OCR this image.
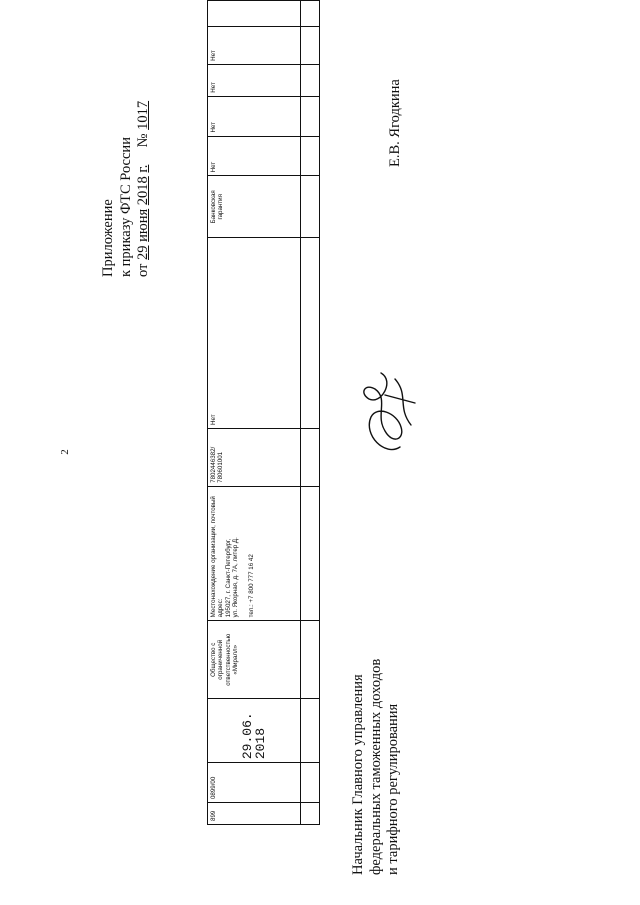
2
Приложение к приказу ФТС России от 29 июня 2018 г.  № 1017
899	0899/00	29.06. 2018	Общество с ограниченной ответственностью «Миралл»	Местонахождение организации, почтовый адрес: 195027, г. Санкт-Петербург, ул. Якорная, д. 7А, литер Д. тел.: +7 800 777 16 42	7802446382/ 780601001	Нет	Банковская гарантия	Нет	Нет	Нет	Нет	

Начальник Главного управления федеральных таможенных доходов и тарифного регулирования
Е.В. Ягодкина
